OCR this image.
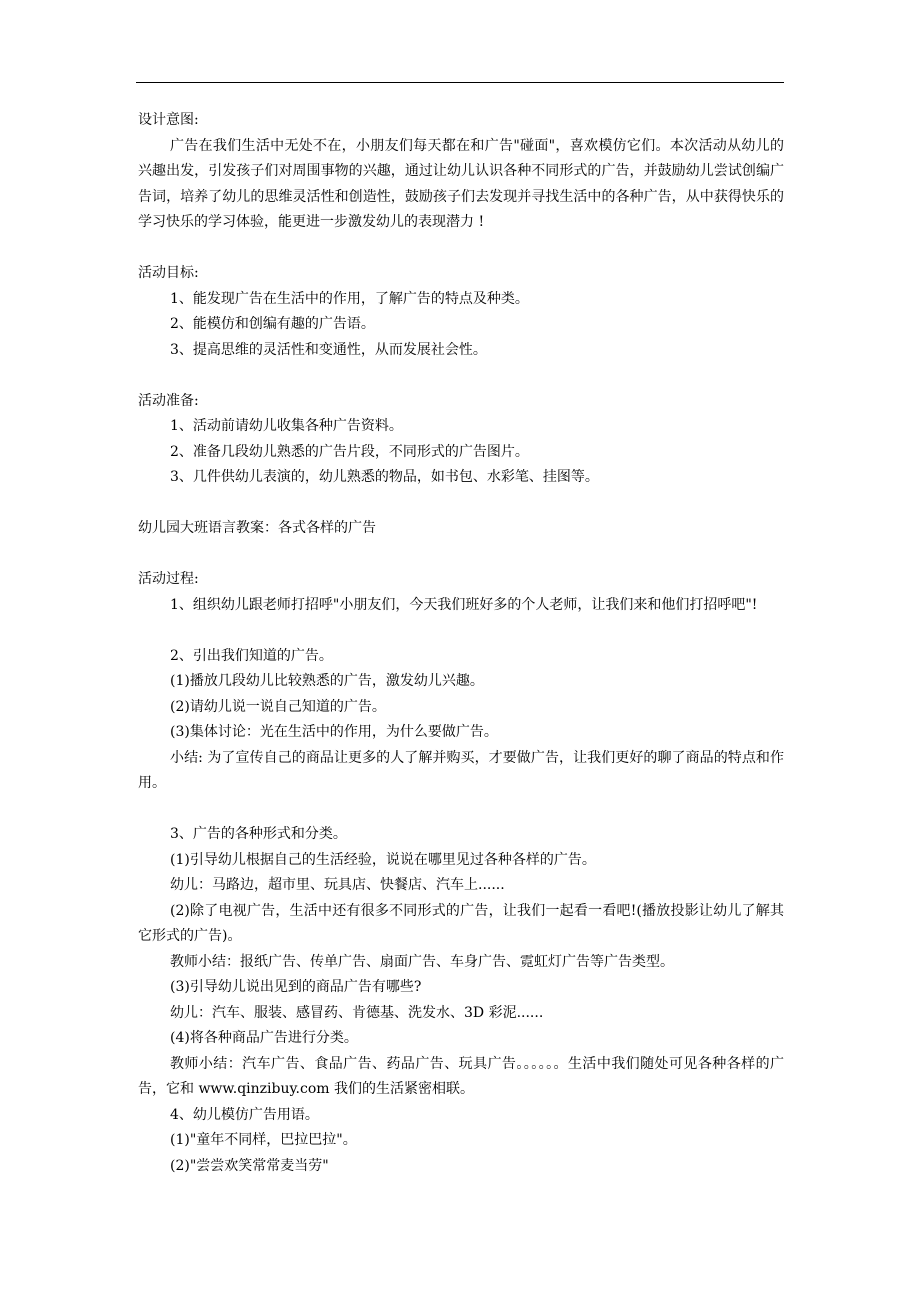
设计意图:

广告在我们生活中无处不在，小朋友们每天都在和广告"碰面"，喜欢模仿它们。本次活动从幼儿的兴趣出发，引发孩子们对周围事物的兴趣，通过让幼儿认识各种不同形式的广告，并鼓励幼儿尝试创编广告词，培养了幼儿的思维灵活性和创造性，鼓励孩子们去发现并寻找生活中的各种广告，从中获得快乐的学习快乐的学习体验，能更进一步激发幼儿的表现潜力 !

活动目标:

1、能发现广告在生活中的作用，了解广告的特点及种类。

2、能模仿和创编有趣的广告语。

3、提高思维的灵活性和变通性，从而发展社会性。

活动准备:

1、活动前请幼儿收集各种广告资料。

2、准备几段幼儿熟悉的广告片段，不同形式的广告图片。

3、几件供幼儿表演的，幼儿熟悉的物品，如书包、水彩笔、挂图等。

幼儿园大班语言教案：各式各样的广告

活动过程:

1、组织幼儿跟老师打招呼"小朋友们，今天我们班好多的个人老师，让我们来和他们打招呼吧"!

2、引出我们知道的广告。

(1)播放几段幼儿比较熟悉的广告，激发幼儿兴趣。

(2)请幼儿说一说自己知道的广告。

(3)集体讨论：光在生活中的作用，为什么要做广告。

小结: 为了宣传自己的商品让更多的人了解并购买，才要做广告，让我们更好的聊了商品的特点和作用。

3、广告的各种形式和分类。

(1)引导幼儿根据自己的生活经验，说说在哪里见过各种各样的广告。

幼儿：马路边，超市里、玩具店、快餐店、汽车上......

(2)除了电视广告，生活中还有很多不同形式的广告，让我们一起看一看吧!(播放投影让幼儿了解其它形式的广告)。

教师小结：报纸广告、传单广告、扇面广告、车身广告、霓虹灯广告等广告类型。

(3)引导幼儿说出见到的商品广告有哪些?

幼儿：汽车、服装、感冒药、肯德基、洗发水、3D 彩泥......

(4)将各种商品广告进行分类。

教师小结：汽车广告、食品广告、药品广告、玩具广告。。。。。。生活中我们随处可见各种各样的广告，它和 www.qinzibuy.com 我们的生活紧密相联。

4、幼儿模仿广告用语。

(1)"童年不同样，巴拉巴拉"。

(2)"尝尝欢笑常常麦当劳"
